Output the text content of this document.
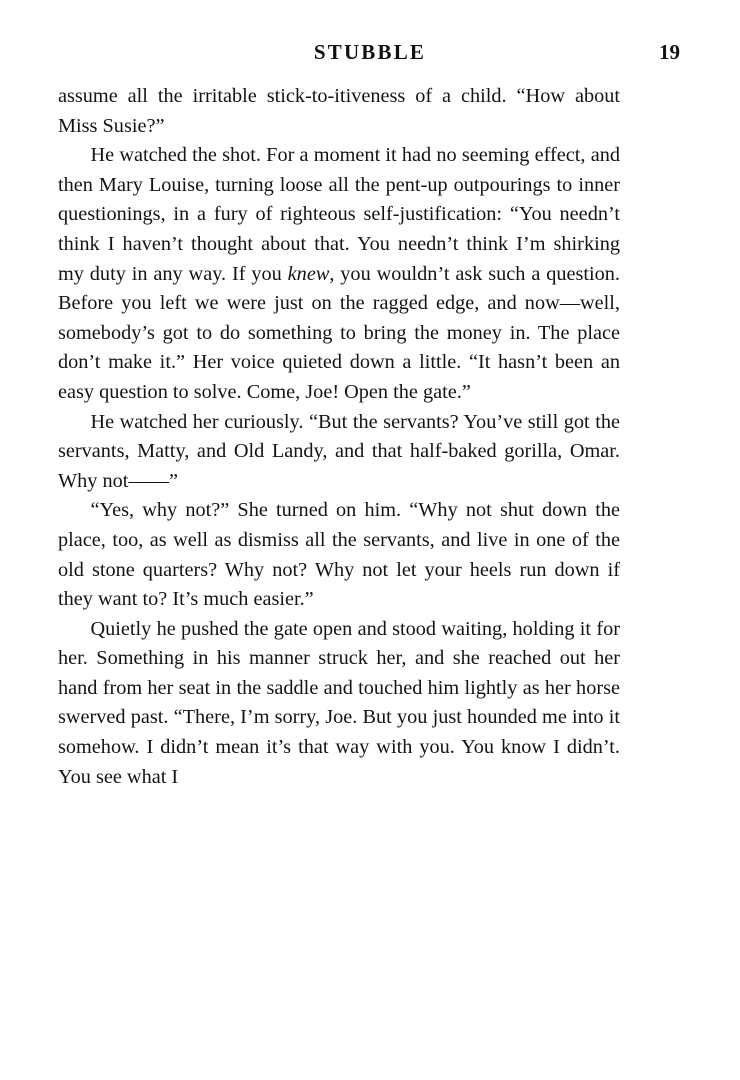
STUBBLE	19

assume all the irritable stick-to-itiveness of a child. “How about Miss Susie?”

He watched the shot. For a moment it had no seeming effect, and then Mary Louise, turning loose all the pent-up outpourings to inner questionings, in a fury of righteous self-justification: “You needn’t think I haven’t thought about that. You needn’t think I’m shirking my duty in any way. If you knew, you wouldn’t ask such a question. Before you left we were just on the ragged edge, and now—well, somebody’s got to do something to bring the money in. The place don’t make it.” Her voice quieted down a little. “It hasn’t been an easy question to solve. Come, Joe! Open the gate.”

He watched her curiously. “But the servants? You’ve still got the servants, Matty, and Old Landy, and that half-baked gorilla, Omar. Why not——”

“Yes, why not?” She turned on him. “Why not shut down the place, too, as well as dismiss all the servants, and live in one of the old stone quarters? Why not? Why not let your heels run down if they want to? It’s much easier.”

Quietly he pushed the gate open and stood waiting, holding it for her. Something in his manner struck her, and she reached out her hand from her seat in the saddle and touched him lightly as her horse swerved past. “There, I’m sorry, Joe. But you just hounded me into it somehow. I didn’t mean it’s that way with you. You know I didn’t. You see what I
